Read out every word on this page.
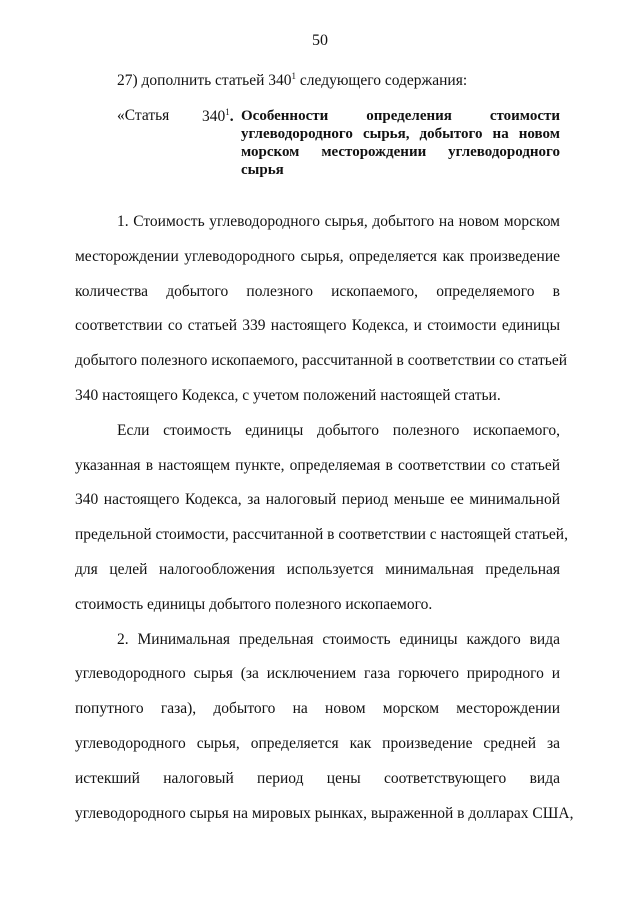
50
27) дополнить статьей $340^1$ следующего содержания:
«Статья $340^1$. Особенности определения стоимости
углеводородного сырья, добытого на новом
морском месторождении углеводородного
сырья
1. Стоимость углеводородного сырья, добытого на новом морском
месторождении углеводородного сырья, определяется как произведение
количества добытого полезного ископаемого, определяемого в
соответствии со статьей 339 настоящего Кодекса, и стоимости единицы
добытого полезного ископаемого, рассчитанной в соответствии со статьей
340 настоящего Кодекса, с учетом положений настоящей статьи.
Если стоимость единицы добытого полезного ископаемого,
указанная в настоящем пункте, определяемая в соответствии со статьей
340 настоящего Кодекса, за налоговый период меньше ее минимальной
предельной стоимости, рассчитанной в соответствии с настоящей статьей,
для целей налогообложения используется минимальная предельная
стоимость единицы добытого полезного ископаемого.
2. Минимальная предельная стоимость единицы каждого вида
углеводородного сырья (за исключением газа горючего природного и
попутного газа), добытого на новом морском месторождении
углеводородного сырья, определяется как произведение средней за
истекший налоговый период цены соответствующего вида
углеводородного сырья на мировых рынках, выраженной в долларах США,
